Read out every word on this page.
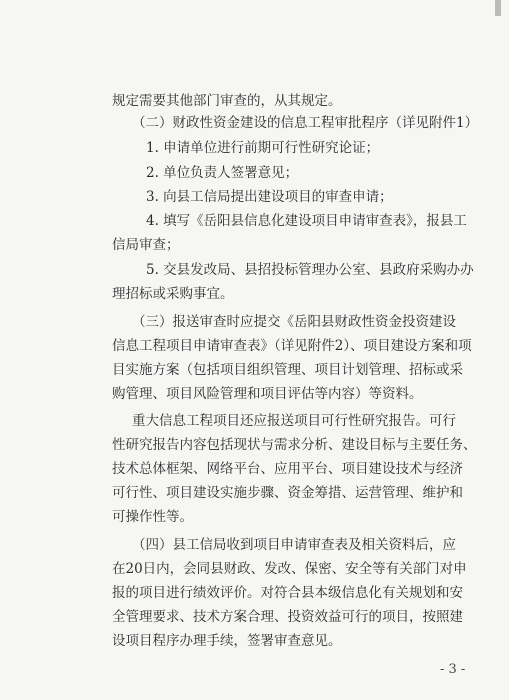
规定需要其他部门审查的，从其规定。
（二）财政性资金建设的信息工程审批程序（详见附件1）
1. 申请单位进行前期可行性研究论证；
2. 单位负责人签署意见；
3. 向县工信局提出建设项目的审查申请；
4. 填写《岳阳县信息化建设项目申请审查表》，报县工
信局审查；
5. 交县发改局、县招投标管理办公室、县政府采购办办
理招标或采购事宜。
（三）报送审查时应提交《岳阳县财政性资金投资建设
信息工程项目申请审查表》（详见附件2）、项目建设方案和项
目实施方案（包括项目组织管理、项目计划管理、招标或采
购管理、项目风险管理和项目评估等内容）等资料。
重大信息工程项目还应报送项目可行性研究报告。可行
性研究报告内容包括现状与需求分析、建设目标与主要任务、
技术总体框架、网络平台、应用平台、项目建设技术与经济
可行性、项目建设实施步骤、资金筹措、运营管理、维护和
可操作性等。
（四）县工信局收到项目申请审查表及相关资料后，应
在20日内，会同县财政、发改、保密、安全等有关部门对申
报的项目进行绩效评价。对符合县本级信息化有关规划和安
全管理要求、技术方案合理、投资效益可行的项目，按照建
设项目程序办理手续，签署审查意见。
- 3 -
